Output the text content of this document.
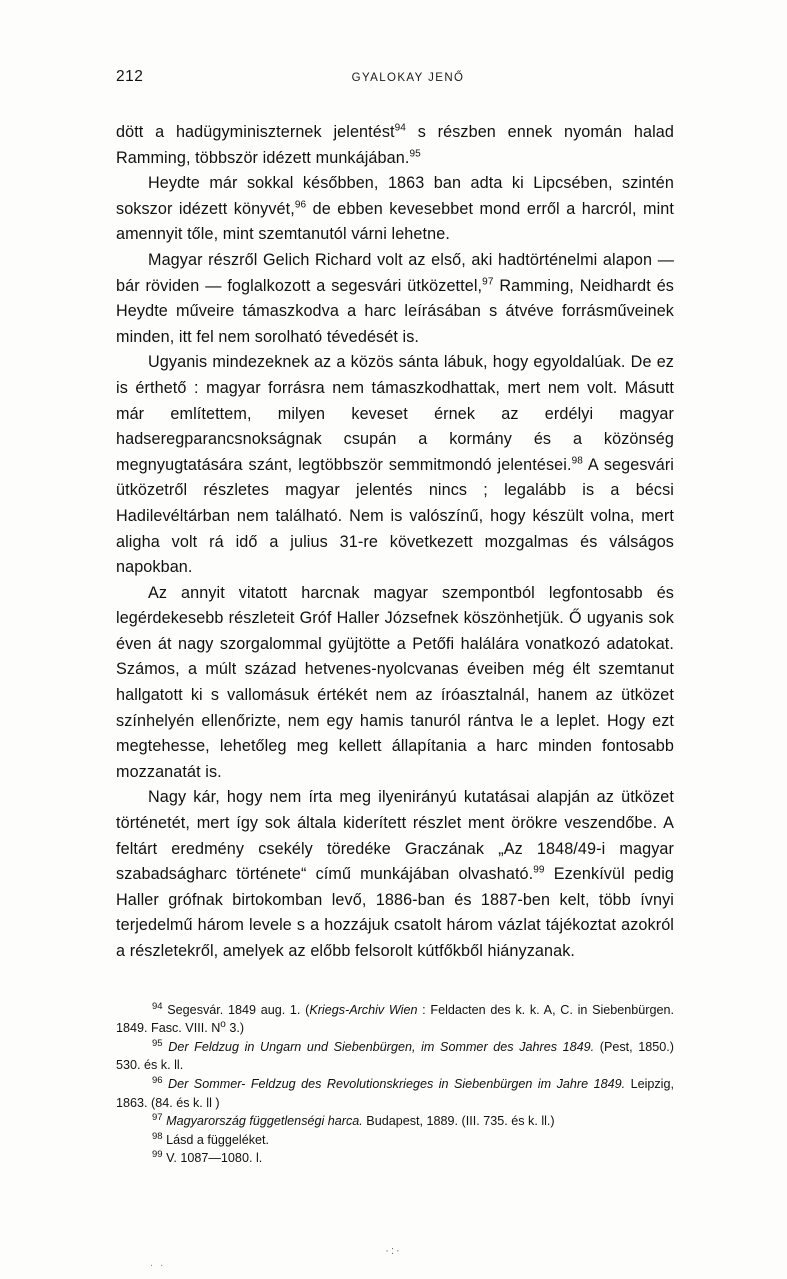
212	GYALOKAY JENŐ

dött a hadügyminiszternek jelentést$^{94}$ s részben ennek nyomán halad Ramming, többször idézett munkájában.$^{95}$

Heydte már sokkal későbben, 1863 ban adta ki Lipcsében, szintén sokszor idézett könyvét,$^{96}$ de ebben kevesebbet mond erről a harcról, mint amennyit tőle, mint szemtanutól várni lehetne.

Magyar részről Gelich Richard volt az első, aki hadtörténelmi alapon — bár röviden — foglalkozott a segesvári ütközettel,$^{97}$ Ramming, Neidhardt és Heydte műveire támaszkodva a harc leírásában s átvéve forrásműveinek minden, itt fel nem sorolható tévedését is.

Ugyanis mindezeknek az a közös sánta lábuk, hogy egyoldalúak. De ez is érthető : magyar forrásra nem támaszkodhattak, mert nem volt. Másutt már említettem, milyen keveset érnek az erdélyi magyar hadseregparancsnokságnak csupán a kormány és a közönség megnyugtatására szánt, legtöbbször semmitmondó jelentései.$^{98}$ A segesvári ütközetről részletes magyar jelentés nincs ; legalább is a bécsi Hadilevéltárban nem található. Nem is valószínű, hogy készült volna, mert aligha volt rá idő a julius 31-re következett mozgalmas és válságos napokban.

Az annyit vitatott harcnak magyar szempontból legfontosabb és legérdekesebb részleteit Gróf Haller Józsefnek köszönhetjük. Ő ugyanis sok éven át nagy szorgalommal gyüjtötte a Petőfi halálára vonatkozó adatokat. Számos, a múlt század hetvenes-nyolcvanas éveiben még élt szemtanut hallgatott ki s vallomásuk értékét nem az íróasztalnál, hanem az ütközet színhelyén ellenőrizte, nem egy hamis tanuról rántva le a leplet. Hogy ezt megtehesse, lehetőleg meg kellett állapítania a harc minden fontosabb mozzanatát is.

Nagy kár, hogy nem írta meg ilyenirányú kutatásai alapján az ütközet történetét, mert így sok általa kiderített részlet ment örökre veszendőbe. A feltárt eredmény csekély töredéke Graczának „Az 1848/49-i magyar szabadságharc története“ című munkájában olvasható.$^{99}$ Ezenkívül pedig Haller grófnak birtokomban levő, 1886-ban és 1887-ben kelt, több ívnyi terjedelmű három levele s a hozzájuk csatolt három vázlat tájékoztat azokról a részletekről, amelyek az előbb felsorolt kútfőkből hiányzanak.

$^{94}$ Segesvár. 1849 aug. 1. (Kriegs-Archiv Wien : Feldacten des k. k. A, C. in Siebenbürgen. 1849. Fasc. VIII. $N^o$ 3.)

$^{95}$ Der Feldzug in Ungarn und Siebenbürgen, im Sommer des Jahres 1849. (Pest, 1850.) 530. és k. ll.

$^{96}$ Der Sommer- Feldzug des Revolutionskrieges in Siebenbürgen im Jahre 1849. Leipzig, 1863. (84. és k. ll )

$^{97}$ Magyarország függetlenségi harca. Budapest, 1889. (III. 735. és k. ll.)

$^{98}$ Lásd a függeléket.

$^{99}$ V. 1087—1080. l.

·:·
. .
